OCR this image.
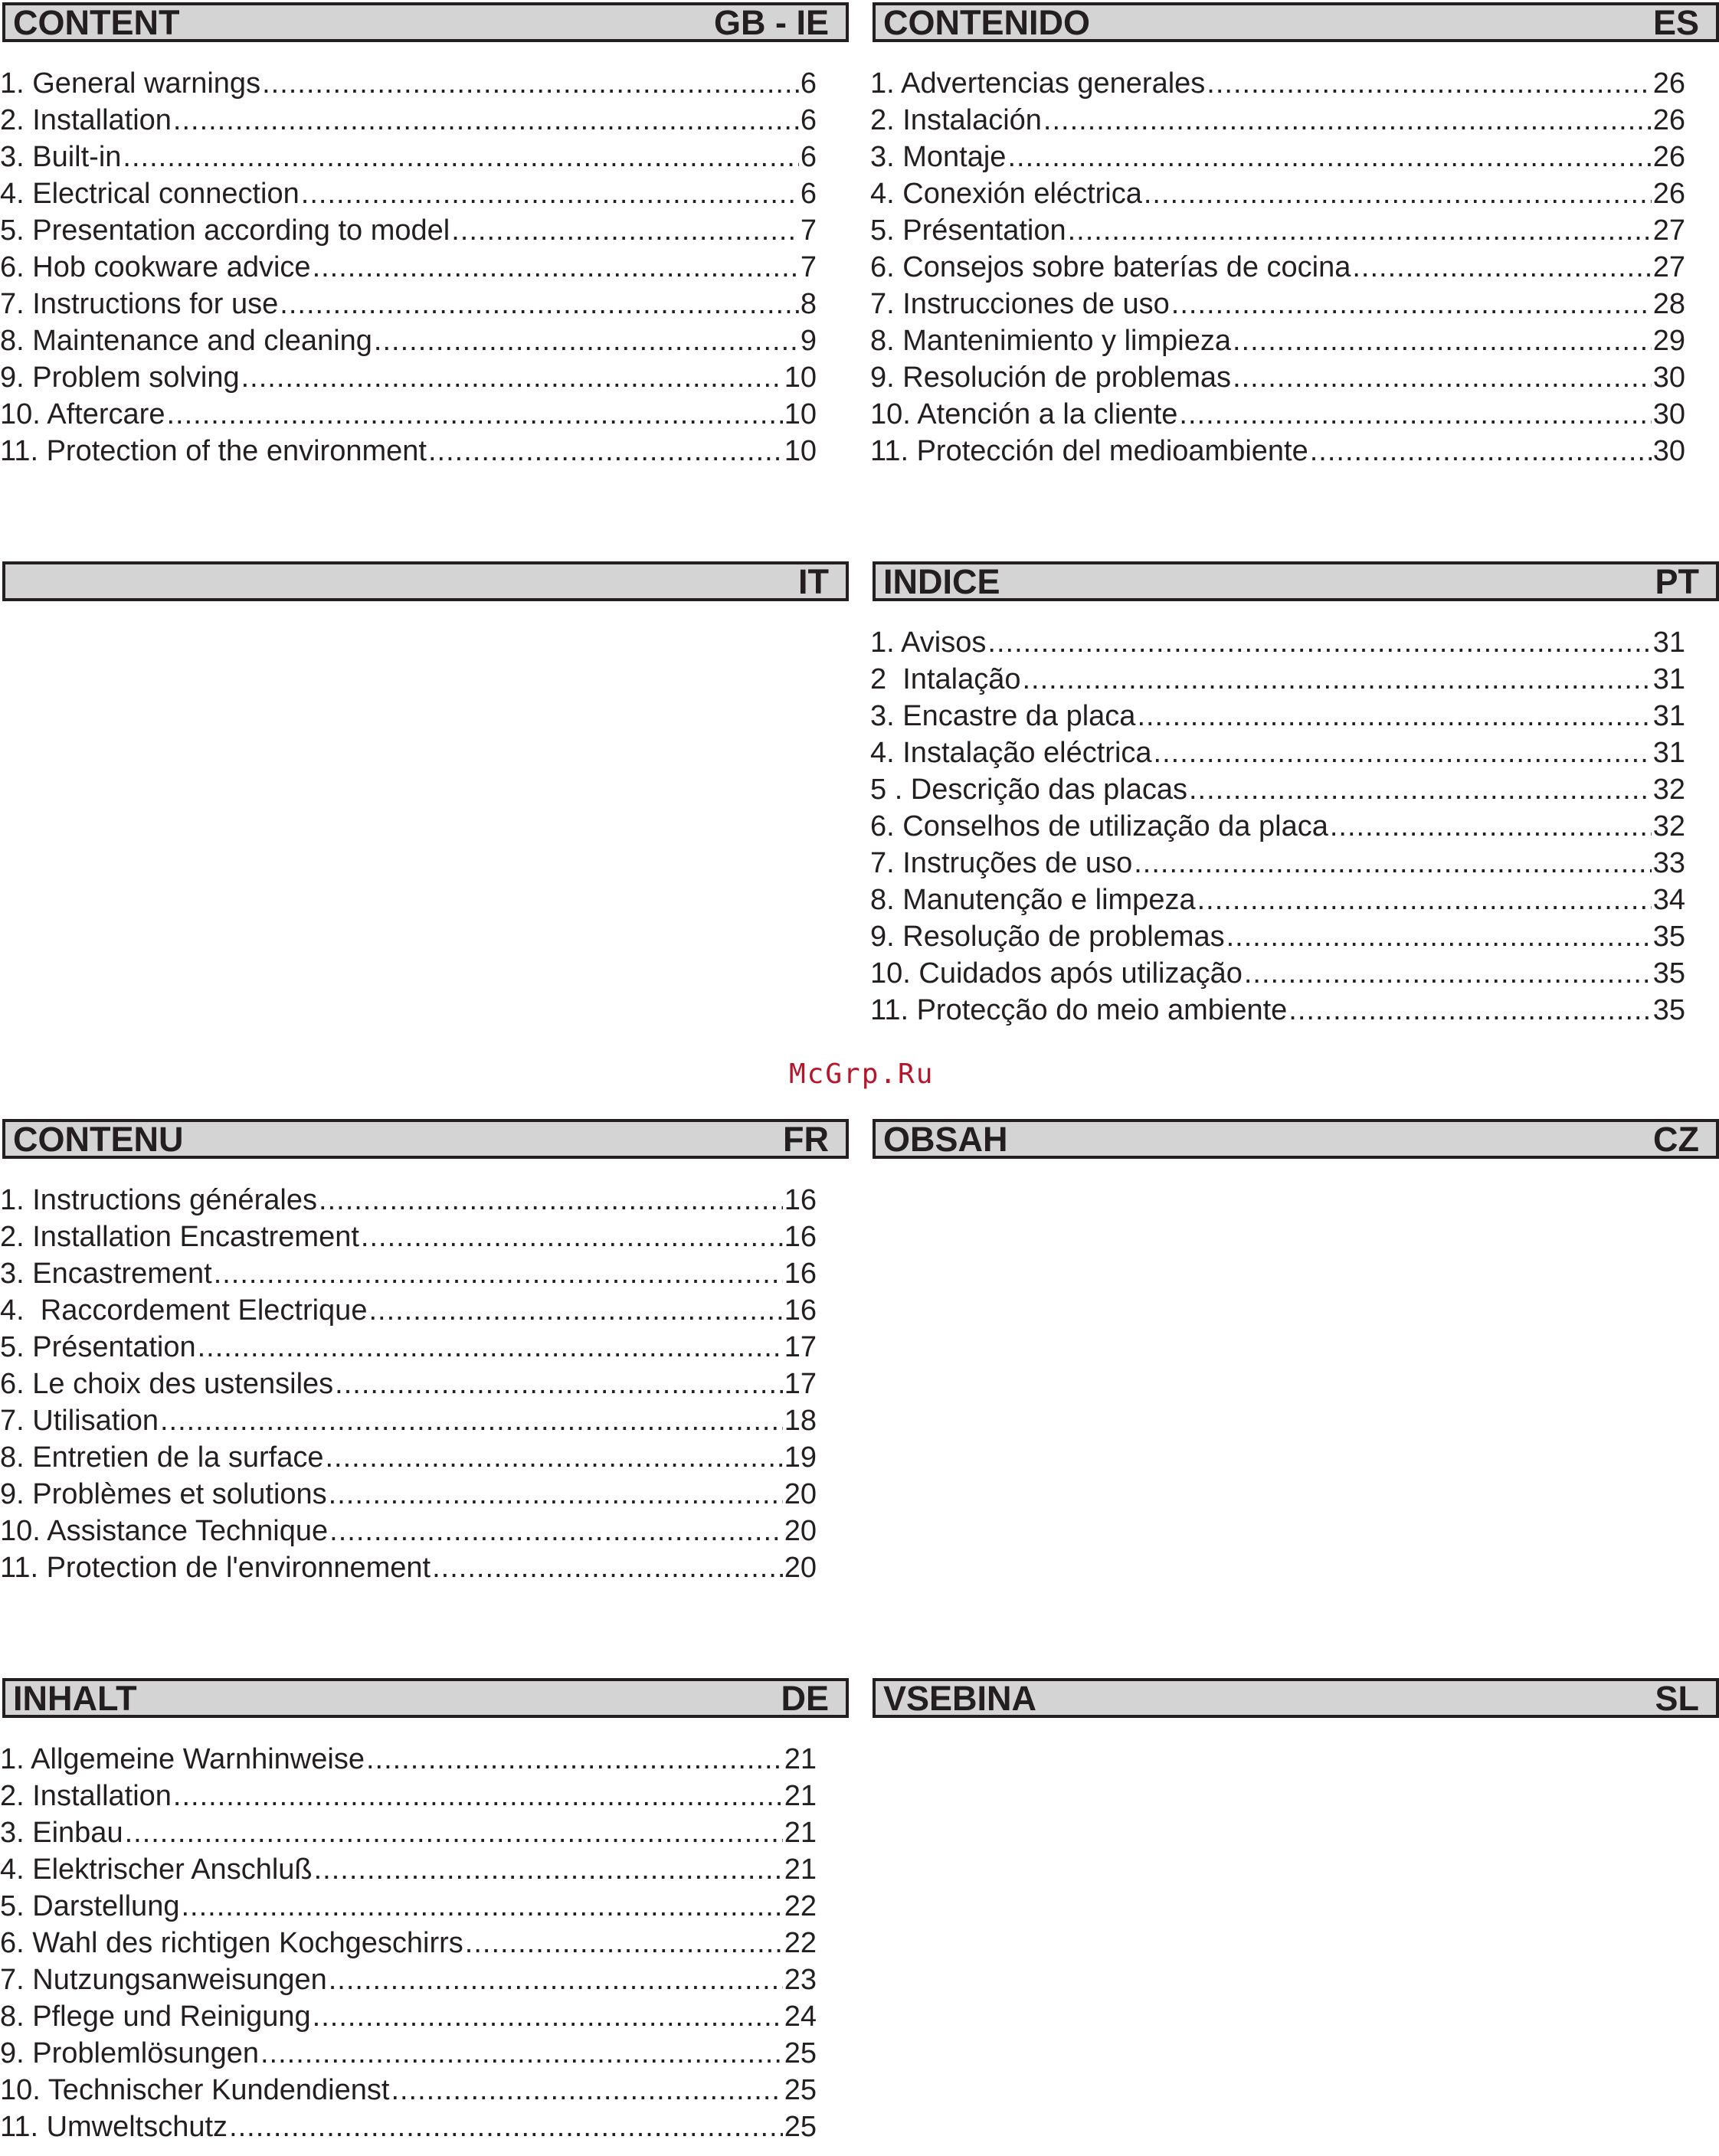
CONTENT	GB - IE
1. General warnings .....	6
2. Installation .....	6
3. Built-in .....	6
4. Electrical connection .....	6
5. Presentation according to model .....	7
6. Hob cookware advice .....	7
7. Instructions for use .....	8
8. Maintenance and cleaning .....	9
9. Problem solving .....	10
10. Aftercare .....	10
11. Protection of the environment .....	10
CONTENIDO	ES
1. Advertencias generales .....	26
2. Instalación .....	26
3. Montaje .....	26
4. Conexión eléctrica .....	26
5. Présentation .....	27
6. Consejos sobre baterías de cocina .....	27
7. Instrucciones de uso .....	28
8. Mantenimiento y limpieza .....	29
9. Resolución de problemas .....	30
10. Atención a la cliente .....	30
11. Protección del medioambiente .....	30
IT INDICE	PT
1. Avisos .....	31
2  Intalação .....	31
3. Encastre da placa .....	31
4. Instalação eléctrica .....	31
5 . Descrição das placas .....	32
6. Conselhos de utilização da placa .....	32
7. Instruções de uso .....	33
8. Manutenção e limpeza .....	34
9. Resolução de problemas .....	35
10. Cuidados após utilização .....	35
11. Protecção do meio ambiente .....	35
McGrp.Ru
CONTENU	FR
1. Instructions générales .....	16
2. Installation Encastrement .....	16
3. Encastrement .....	16
4.  Raccordement Electrique .....	16
5. Présentation .....	17
6. Le choix des ustensiles .....	17
7. Utilisation .....	18
8. Entretien de la surface .....	19
9. Problèmes et solutions .....	20
10. Assistance Technique .....	20
11. Protection de l'environnement .....	20
OBSAH	CZ
INHALT	DE
1. Allgemeine Warnhinweise .....	21
2. Installation .....	21
3. Einbau .....	21
4. Elektrischer Anschluß .....	21
5. Darstellung .....	22
6. Wahl des richtigen Kochgeschirrs .....	22
7. Nutzungsanweisungen .....	23
8. Pflege und Reinigung .....	24
9. Problemlösungen .....	25
10. Technischer Kundendienst .....	25
11. Umweltschutz .....	25
VSEBINA	SL
